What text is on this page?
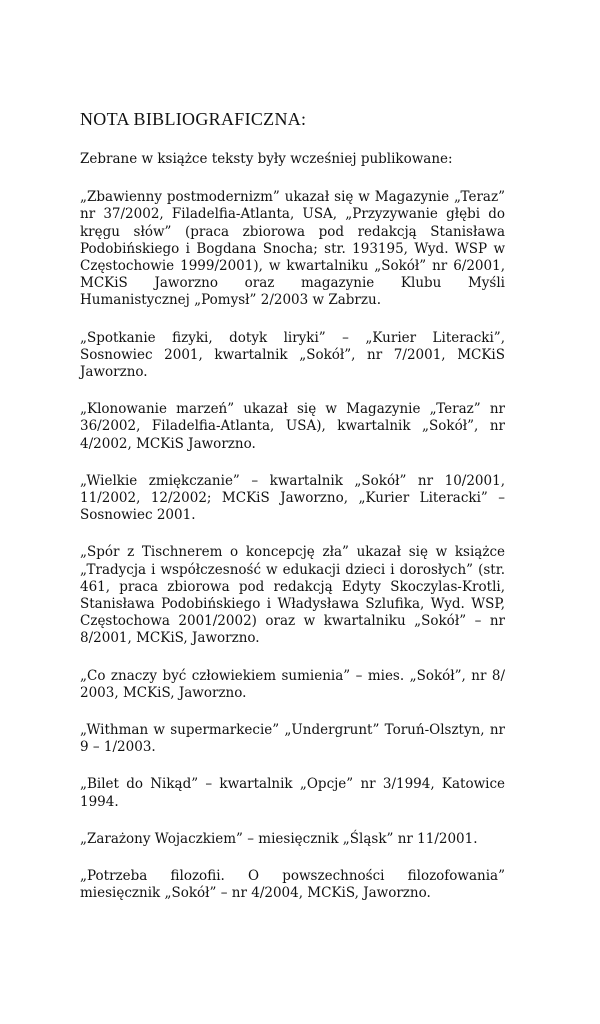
NOTA BIBLIOGRAFICZNA:

Zebrane w książce teksty były wcześniej publikowane:

„Zbawienny postmodernizm” ukazał się w Magazynie „Teraz” nr 37/2002, Filadelfia-Atlanta, USA, „Przyzywanie głębi do kręgu słów” (praca zbiorowa pod redakcją Stanisława Podobińskiego i Bogdana Snocha; str. 193195, Wyd. WSP w Częstochowie 1999/2001), w kwartalniku „Sokół” nr 6/2001, MCKiS Jaworzno oraz magazynie Klubu Myśli Humanistycznej „Pomysł” 2/2003 w Zabrzu.

„Spotkanie fizyki, dotyk liryki” – „Kurier Literacki”, Sosnowiec 2001, kwartalnik „Sokół”, nr 7/2001, MCKiS Jaworzno.

„Klonowanie marzeń” ukazał się w Magazynie „Teraz” nr 36/2002, Filadelfia-Atlanta, USA), kwartalnik „Sokół”, nr 4/2002, MCKiS Jaworzno.

„Wielkie zmiękczanie” – kwartalnik „Sokół” nr 10/2001, 11/2002, 12/2002; MCKiS Jaworzno, „Kurier Literacki” – Sosnowiec 2001.

„Spór z Tischnerem o koncepcję zła” ukazał się w książce „Tradycja i współczesność w edukacji dzieci i dorosłych” (str. 461, praca zbiorowa pod redakcją Edyty Skoczylas-Krotli, Stanisława Podobińskiego i Władysława Szlufika, Wyd. WSP, Częstochowa 2001/2002) oraz w kwartalniku „Sokół” – nr 8/2001, MCKiS, Jaworzno.

„Co znaczy być człowiekiem sumienia” – mies. „Sokół”, nr 8/ 2003, MCKiS, Jaworzno.

„Withman w supermarkecie” „Undergrunt” Toruń-Olsztyn, nr 9 – 1/2003.

„Bilet do Nikąd” – kwartalnik „Opcje” nr 3/1994, Katowice 1994.

„Zarażony Wojaczkiem” – miesięcznik „Śląsk” nr 11/2001.

„Potrzeba filozofii. O powszechności filozofowania” miesięcznik „Sokół” – nr 4/2004, MCKiS, Jaworzno.
